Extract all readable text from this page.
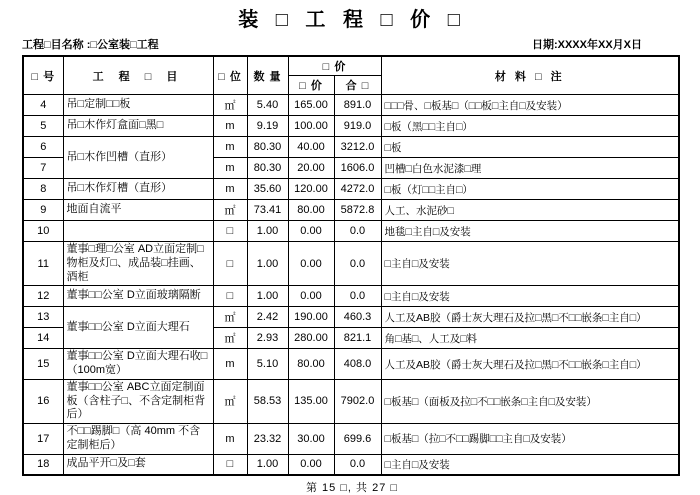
装 □ 工 程 □ 价 □
工程□目名称 :□公室装□工程	日期:XXXX年XX月X日
□ 号	工 程 □ 目	□ 位	数 量	□ 价		材 料 □ 注
				□ 价	合 □	
4	吊□定制□□板	㎡	5.40	165.00	891.0	□□□骨、□板基□（□□板□主自□及安装）
5	吊□木作灯盒面□黑□	m	9.19	100.00	919.0	□板（黑□□主自□）
6	吊□木作凹槽（直形）	m	80.30	40.00	3212.0	□板
7		m	80.30	20.00	1606.0	凹槽□白色水泥漆□理
8	吊□木作灯槽（直形）	m	35.60	120.00	4272.0	□板（灯□□主自□）
9	地面自流平	㎡	73.41	80.00	5872.8	人工、水泥砂□
10		□	1.00	0.00	0.0	地毯□主自□及安装
11	董事□理□公室 AD立面定制□物柜及灯□、成品装□挂画、酒柜	□	1.00	0.00	0.0	□主自□及安装
12	董事□□公室 D立面玻璃隔断	□	1.00	0.00	0.0	□主自□及安装
13	董事□□公室 D立面大理石	㎡	2.42	190.00	460.3	人工及AB胶（爵士灰大理石及拉□黑□不□□嵌条□主自□）
14		㎡	2.93	280.00	821.1	角□基□、人工及□料
15	董事□□公室 D立面大理石收□（100m宽）	m	5.10	80.00	408.0	人工及AB胶（爵士灰大理石及拉□黑□不□□嵌条□主自□）
16	董事□□公室 ABC立面定制面板（含柱子□、不含定制柜背后）	㎡	58.53	135.00	7902.0	□板基□（面板及拉□不□□嵌条□主自□及安装）
17	不□□踢脚□（高 40mm 不含定制柜后）	m	23.32	30.00	699.6	□板基□（拉□不□□踢脚□□主自□及安装）
18	成品平开□及□套	□	1.00	0.00	0.0	□主自□及安装
第 15 □, 共 27 □
